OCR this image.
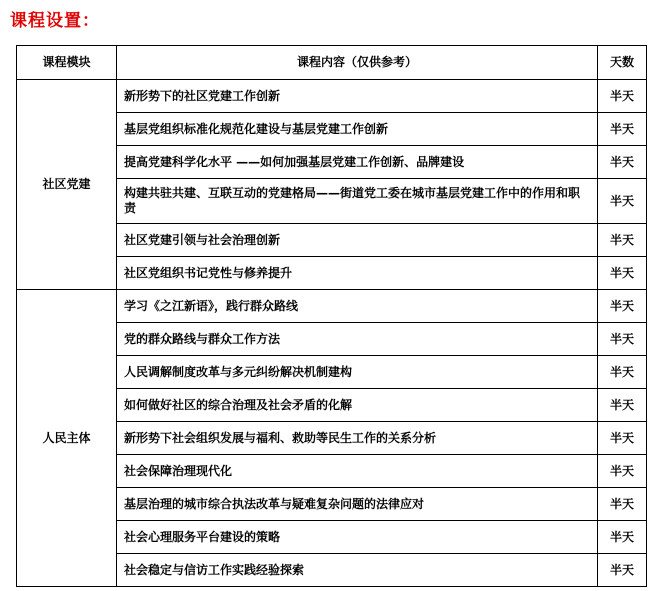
课程设置：
课程模块	课程内容（仅供参考）	天数
社区党建	新形势下的社区党建工作创新	半天
	基层党组织标准化规范化建设与基层党建工作创新	半天
	提高党建科学化水平 ——如何加强基层党建工作创新、品牌建设	半天
	构建共驻共建、互联互动的党建格局——街道党工委在城市基层党建工作中的作用和职责	半天
	社区党建引领与社会治理创新	半天
	社区党组织书记党性与修养提升	半天
人民主体	学习《之江新语》，践行群众路线	半天
	党的群众路线与群众工作方法	半天
	人民调解制度改革与多元纠纷解决机制建构	半天
	如何做好社区的综合治理及社会矛盾的化解	半天
	新形势下社会组织发展与福利、救助等民生工作的关系分析	半天
	社会保障治理现代化	半天
	基层治理的城市综合执法改革与疑难复杂问题的法律应对	半天
	社会心理服务平台建设的策略	半天
	社会稳定与信访工作实践经验探索	半天
